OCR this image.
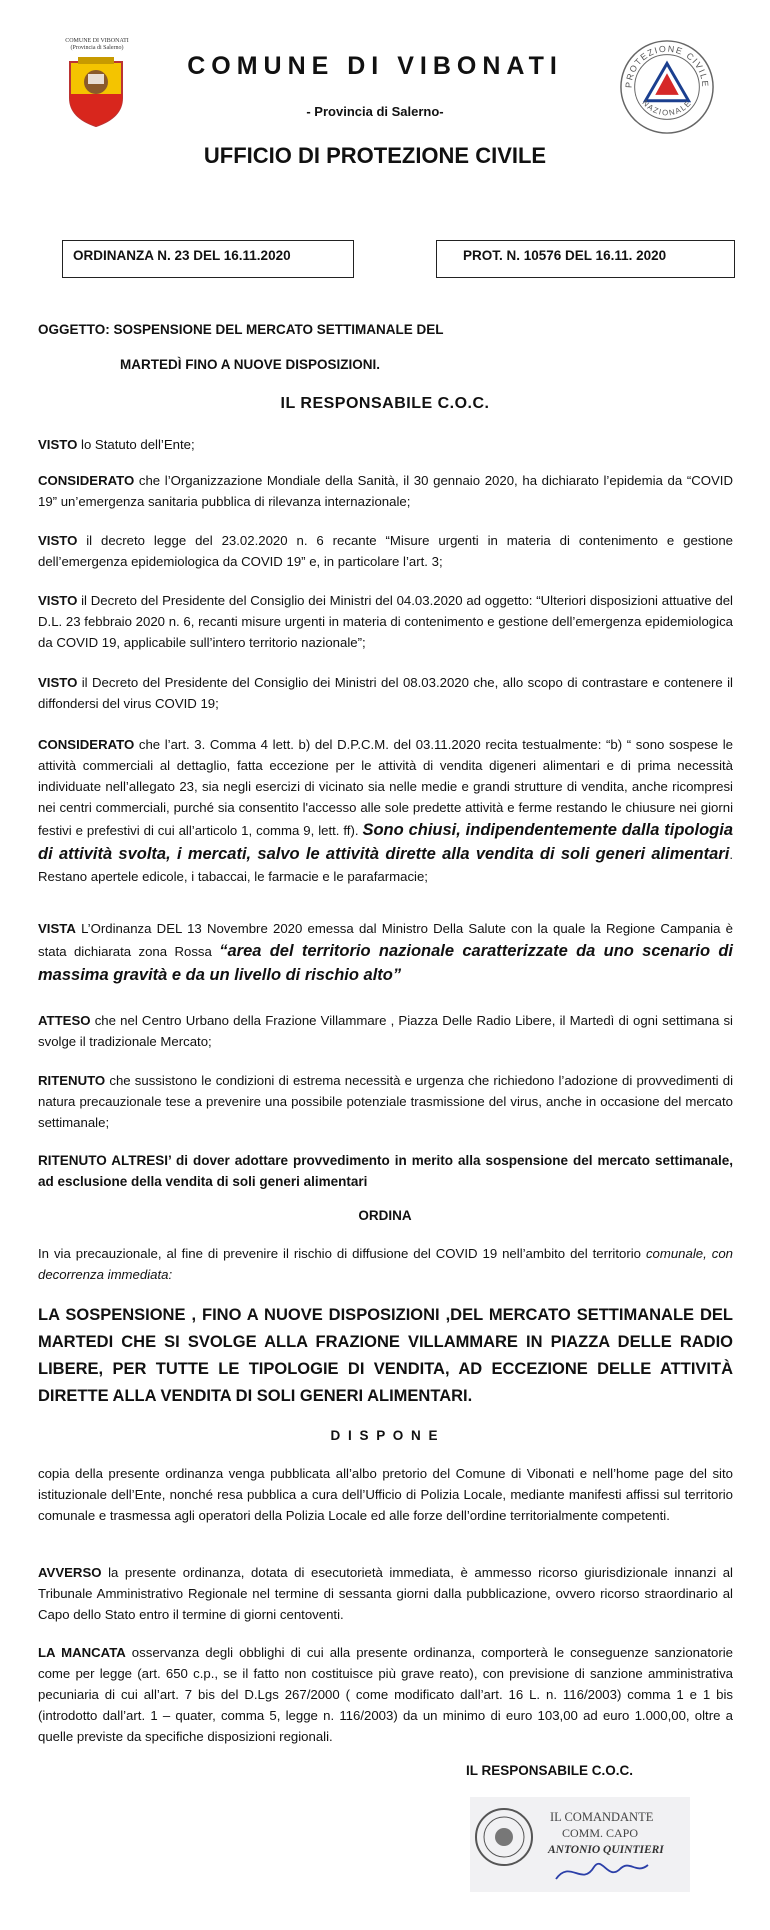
COMUNE DI VIBONATI
(Provincia di Salerno)
COMUNE DI VIBONATI
- Provincia di Salerno-
UFFICIO DI PROTEZIONE CIVILE
PROTEZIONE CIVILE
NAZIONALE
ORDINANZA N. 23 DEL 16.11.2020	PROT. N. 10576 DEL 16.11. 2020
OGGETTO: SOSPENSIONE DEL MERCATO SETTIMANALE DEL
MARTEDÌ FINO A NUOVE DISPOSIZIONI.
IL RESPONSABILE C.O.C.
VISTO lo Statuto dell’Ente;
CONSIDERATO che l’Organizzazione Mondiale della Sanità, il 30 gennaio 2020, ha dichiarato l’epidemia da “COVID 19” un’emergenza sanitaria pubblica di rilevanza internazionale;
VISTO il decreto legge del 23.02.2020 n. 6 recante “Misure urgenti in materia di contenimento e gestione dell’emergenza epidemiologica da COVID 19” e, in particolare l’art. 3;
VISTO il Decreto del Presidente del Consiglio dei Ministri del 04.03.2020 ad oggetto: “Ulteriori disposizioni attuative del D.L. 23 febbraio 2020 n. 6, recanti misure urgenti in materia di contenimento e gestione dell’emergenza epidemiologica da COVID 19, applicabile sull’intero territorio nazionale”;
VISTO il Decreto del Presidente del Consiglio dei Ministri del 08.03.2020 che, allo scopo di contrastare e contenere il diffondersi del virus COVID 19;
CONSIDERATO che l’art. 3. Comma 4 lett. b) del D.P.C.M. del 03.11.2020 recita testualmente: “b) “ sono sospese le attività commerciali al dettaglio, fatta eccezione per le attività di vendita digeneri alimentari e di prima necessità individuate nell’allegato 23, sia negli esercizi di vicinato sia nelle medie e grandi strutture di vendita, anche ricompresi nei centri commerciali, purché sia consentito l'accesso alle sole predette attività e ferme restando le chiusure nei giorni festivi e prefestivi di cui all’articolo 1, comma 9, lett. ff). Sono chiusi, indipendentemente dalla tipologia di attività svolta, i mercati, salvo le attività dirette alla vendita di soli generi alimentari. Restano apertele edicole, i tabaccai, le farmacie e le parafarmacie;
VISTA L’Ordinanza DEL 13 Novembre 2020 emessa dal Ministro Della Salute con la quale la Regione Campania è stata dichiarata zona Rossa “area del territorio nazionale caratterizzate da uno scenario di massima gravità e da un livello di rischio alto”
ATTESO che nel Centro Urbano della Frazione Villammare , Piazza Delle Radio Libere, il Martedì di ogni settimana si svolge il tradizionale Mercato;
RITENUTO che sussistono le condizioni di estrema necessità e urgenza che richiedono l’adozione di provvedimenti di natura precauzionale tese a prevenire una possibile potenziale trasmissione del virus, anche in occasione del mercato settimanale;
RITENUTO ALTRESI’ di dover adottare provvedimento in merito alla sospensione del mercato settimanale, ad esclusione della vendita di soli generi alimentari
ORDINA
In via precauzionale, al fine di prevenire il rischio di diffusione del COVID 19 nell’ambito del territorio comunale, con decorrenza immediata:
LA SOSPENSIONE , FINO A NUOVE DISPOSIZIONI ,DEL MERCATO SETTIMANALE DEL MARTEDI CHE SI SVOLGE ALLA FRAZIONE VILLAMMARE IN PIAZZA DELLE RADIO LIBERE, PER TUTTE LE TIPOLOGIE DI VENDITA, AD ECCEZIONE DELLE ATTIVITÀ DIRETTE ALLA VENDITA DI SOLI GENERI ALIMENTARI.
D I S P O N E
copia della presente ordinanza venga pubblicata all’albo pretorio del Comune di Vibonati e nell’home page del sito istituzionale dell’Ente, nonché resa pubblica a cura dell’Ufficio di Polizia Locale, mediante manifesti affissi sul territorio comunale e trasmessa agli operatori della Polizia Locale ed alle forze dell’ordine territorialmente competenti.
AVVERSO la presente ordinanza, dotata di esecutorietà immediata, è ammesso ricorso giurisdizionale innanzi al Tribunale Amministrativo Regionale nel termine di sessanta giorni dalla pubblicazione, ovvero ricorso straordinario al Capo dello Stato entro il termine di giorni centoventi.
LA MANCATA osservanza degli obblighi di cui alla presente ordinanza, comporterà le conseguenze sanzionatorie come per legge (art. 650 c.p., se il fatto non costituisce più grave reato), con previsione di sanzione amministrativa pecuniaria di cui all’art. 7 bis del D.Lgs 267/2000 ( come modificato dall’art. 16 L. n. 116/2003) comma 1 e 1 bis (introdotto dall’art. 1 – quater, comma 5, legge n. 116/2003) da un minimo di euro 103,00 ad euro 1.000,00, oltre a quelle previste da specifiche disposizioni regionali.
IL RESPONSABILE C.O.C.
IL COMANDANTE
COMM. CAPO
ANTONIO QUINTIERI
